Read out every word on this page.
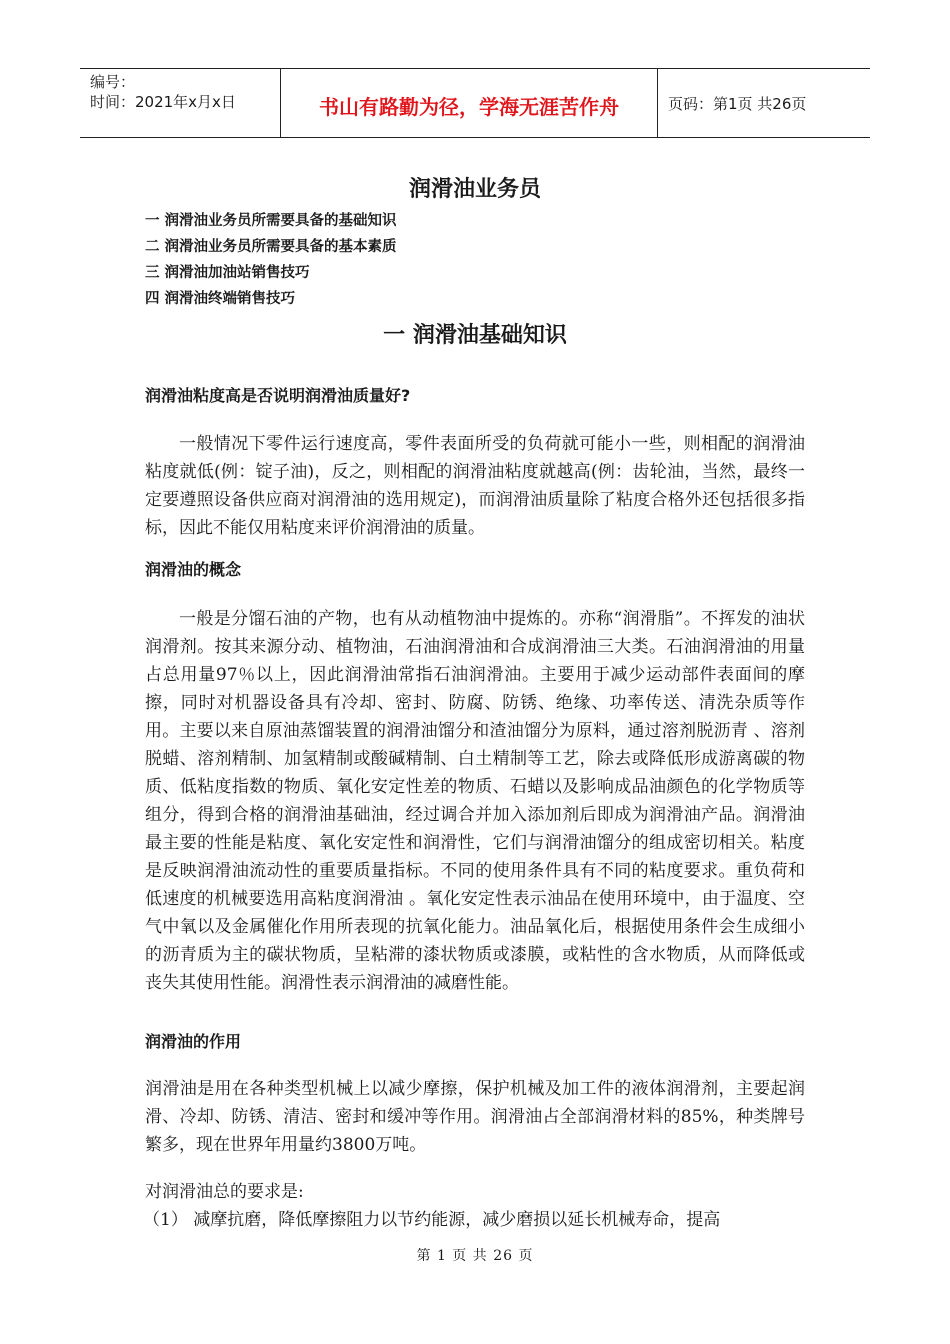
编号：
时间：2021年x月x日	书山有路勤为径，学海无涯苦作舟	页码：第1页 共26页
润滑油业务员
一 润滑油业务员所需要具备的基础知识
二 润滑油业务员所需要具备的基本素质
三 润滑油加油站销售技巧
四 润滑油终端销售技巧
一 润滑油基础知识
润滑油粘度高是否说明润滑油质量好?

一般情况下零件运行速度高，零件表面所受的负荷就可能小一些，则相配的润滑油粘度就低(例：锭子油)，反之，则相配的润滑油粘度就越高(例：齿轮油，当然，最终一定要遵照设备供应商对润滑油的选用规定)，而润滑油质量除了粘度合格外还包括很多指标，因此不能仅用粘度来评价润滑油的质量。

润滑油的概念

一般是分馏石油的产物，也有从动植物油中提炼的。亦称“润滑脂”。不挥发的油状润滑剂。按其来源分动、植物油，石油润滑油和合成润滑油三大类。石油润滑油的用量占总用量97％以上，因此润滑油常指石油润滑油。主要用于减少运动部件表面间的摩擦，同时对机器设备具有冷却、密封、防腐、防锈、绝缘、功率传送、清洗杂质等作用。主要以来自原油蒸馏装置的润滑油馏分和渣油馏分为原料，通过溶剂脱沥青 、溶剂脱蜡、溶剂精制、加氢精制或酸碱精制、白土精制等工艺，除去或降低形成游离碳的物质、低粘度指数的物质、氧化安定性差的物质、石蜡以及影响成品油颜色的化学物质等组分，得到合格的润滑油基础油，经过调合并加入添加剂后即成为润滑油产品。润滑油最主要的性能是粘度、氧化安定性和润滑性，它们与润滑油馏分的组成密切相关。粘度是反映润滑油流动性的重要质量指标。不同的使用条件具有不同的粘度要求。重负荷和低速度的机械要选用高粘度润滑油 。氧化安定性表示油品在使用环境中，由于温度、空气中氧以及金属催化作用所表现的抗氧化能力。油品氧化后，根据使用条件会生成细小的沥青质为主的碳状物质，呈粘滞的漆状物质或漆膜，或粘性的含水物质，从而降低或丧失其使用性能。润滑性表示润滑油的减磨性能。

润滑油的作用

润滑油是用在各种类型机械上以减少摩擦，保护机械及加工件的液体润滑剂，主要起润滑、冷却、防锈、清洁、密封和缓冲等作用。润滑油占全部润滑材料的85%，种类牌号繁多，现在世界年用量约3800万吨。

对润滑油总的要求是:

（1） 减摩抗磨，降低摩擦阻力以节约能源，减少磨损以延长机械寿命，提高

第 1 页 共 26 页
